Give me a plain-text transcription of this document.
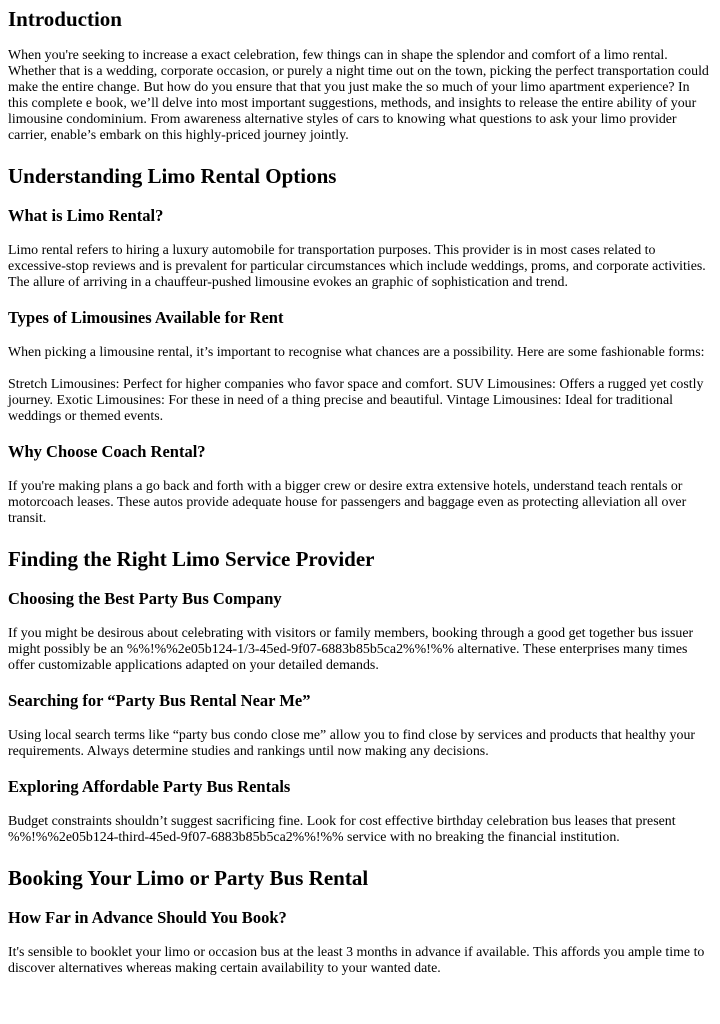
Introduction

When you're seeking to increase a exact celebration, few things can in shape the splendor and comfort of a limo rental. Whether that is a wedding, corporate occasion, or purely a night time out on the town, picking the perfect transportation could make the entire change. But how do you ensure that that you just make the so much of your limo apartment experience? In this complete e book, we’ll delve into most important suggestions, methods, and insights to release the entire ability of your limousine condominium. From awareness alternative styles of cars to knowing what questions to ask your limo provider carrier, enable’s embark on this highly-priced journey jointly.

Understanding Limo Rental Options
What is Limo Rental?

Limo rental refers to hiring a luxury automobile for transportation purposes. This provider is in most cases related to excessive-stop reviews and is prevalent for particular circumstances which include weddings, proms, and corporate activities. The allure of arriving in a chauffeur-pushed limousine evokes an graphic of sophistication and trend.

Types of Limousines Available for Rent

When picking a limousine rental, it’s important to recognise what chances are a possibility. Here are some fashionable forms:

Stretch Limousines: Perfect for higher companies who favor space and comfort. SUV Limousines: Offers a rugged yet costly journey. Exotic Limousines: For these in need of a thing precise and beautiful. Vintage Limousines: Ideal for traditional weddings or themed events.

Why Choose Coach Rental?

If you're making plans a go back and forth with a bigger crew or desire extra extensive hotels, understand teach rentals or motorcoach leases. These autos provide adequate house for passengers and baggage even as protecting alleviation all over transit.

Finding the Right Limo Service Provider
Choosing the Best Party Bus Company

If you might be desirous about celebrating with visitors or family members, booking through a good get together bus issuer might possibly be an %%!%%2e05b124-1/3-45ed-9f07-6883b85b5ca2%%!%% alternative. These enterprises many times offer customizable applications adapted on your detailed demands.

Searching for “Party Bus Rental Near Me”

Using local search terms like “party bus condo close me” allow you to find close by services and products that healthy your requirements. Always determine studies and rankings until now making any decisions.

Exploring Affordable Party Bus Rentals

Budget constraints shouldn’t suggest sacrificing fine. Look for cost effective birthday celebration bus leases that present %%!%%2e05b124-third-45ed-9f07-6883b85b5ca2%%!%% service with no breaking the financial institution.

Booking Your Limo or Party Bus Rental
How Far in Advance Should You Book?

It's sensible to booklet your limo or occasion bus at the least 3 months in advance if available. This affords you ample time to discover alternatives whereas making certain availability to your wanted date.
